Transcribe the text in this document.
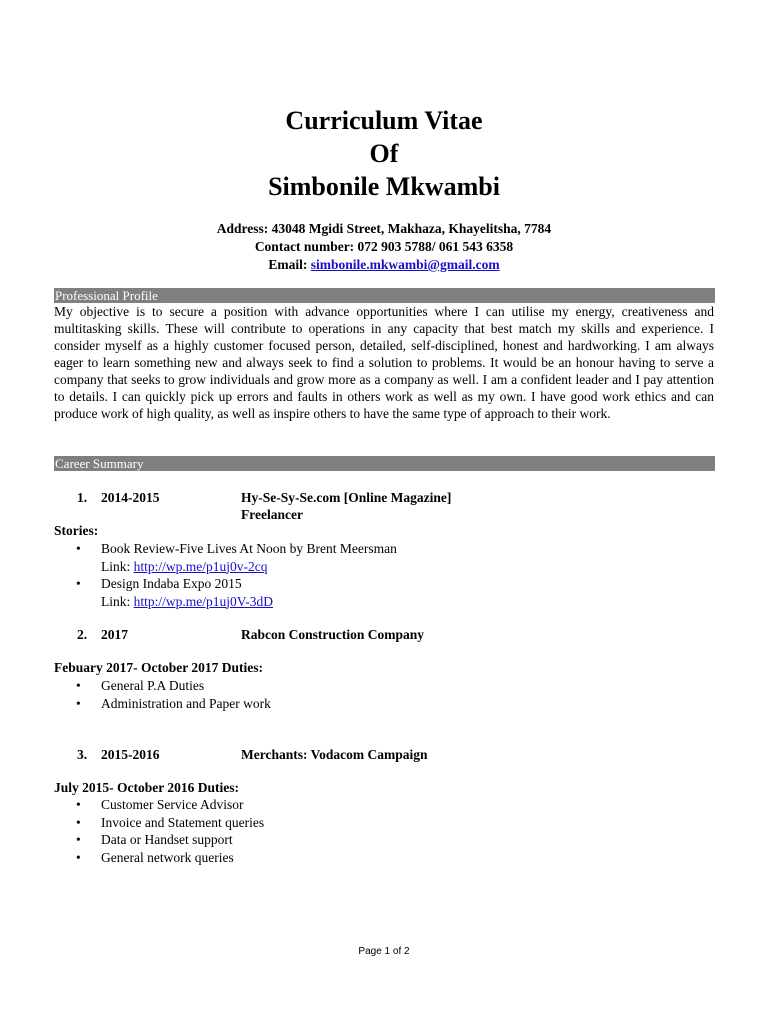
Curriculum Vitae
Of
Simbonile Mkwambi
Address: 43048 Mgidi Street, Makhaza, Khayelitsha, 7784
Contact number: 072 903 5788/ 061 543 6358
Email: simbonile.mkwambi@gmail.com
Professional Profile
My objective is to secure a position with advance opportunities where I can utilise my energy, creativeness and multitasking skills. These will contribute to operations in any capacity that best match my skills and experience. I consider myself as a highly customer focused person, detailed, self-disciplined, honest and hardworking. I am always eager to learn something new and always seek to find a solution to problems. It would be an honour having to serve a company that seeks to grow individuals and grow more as a company as well. I am a confident leader and I pay attention to details. I can quickly pick up errors and faults in others work as well as my own. I have good work ethics and can produce work of high quality, as well as inspire others to have the same type of approach to their work.
Career Summary
1. 2014-2015	Hy-Se-Sy-Se.com [Online Magazine]
Freelancer
Stories:
• Book Review-Five Lives At Noon by Brent Meersman
Link: http://wp.me/p1uj0v-2cq
• Design Indaba Expo 2015
Link: http://wp.me/p1uj0V-3dD
2. 2017	Rabcon Construction Company
Febuary 2017- October 2017 Duties:
• General P.A Duties
• Administration and Paper work
3. 2015-2016	Merchants: Vodacom Campaign
July 2015- October 2016 Duties:
• Customer Service Advisor
• Invoice and Statement queries
• Data or Handset support
• General network queries
Page 1 of 2
